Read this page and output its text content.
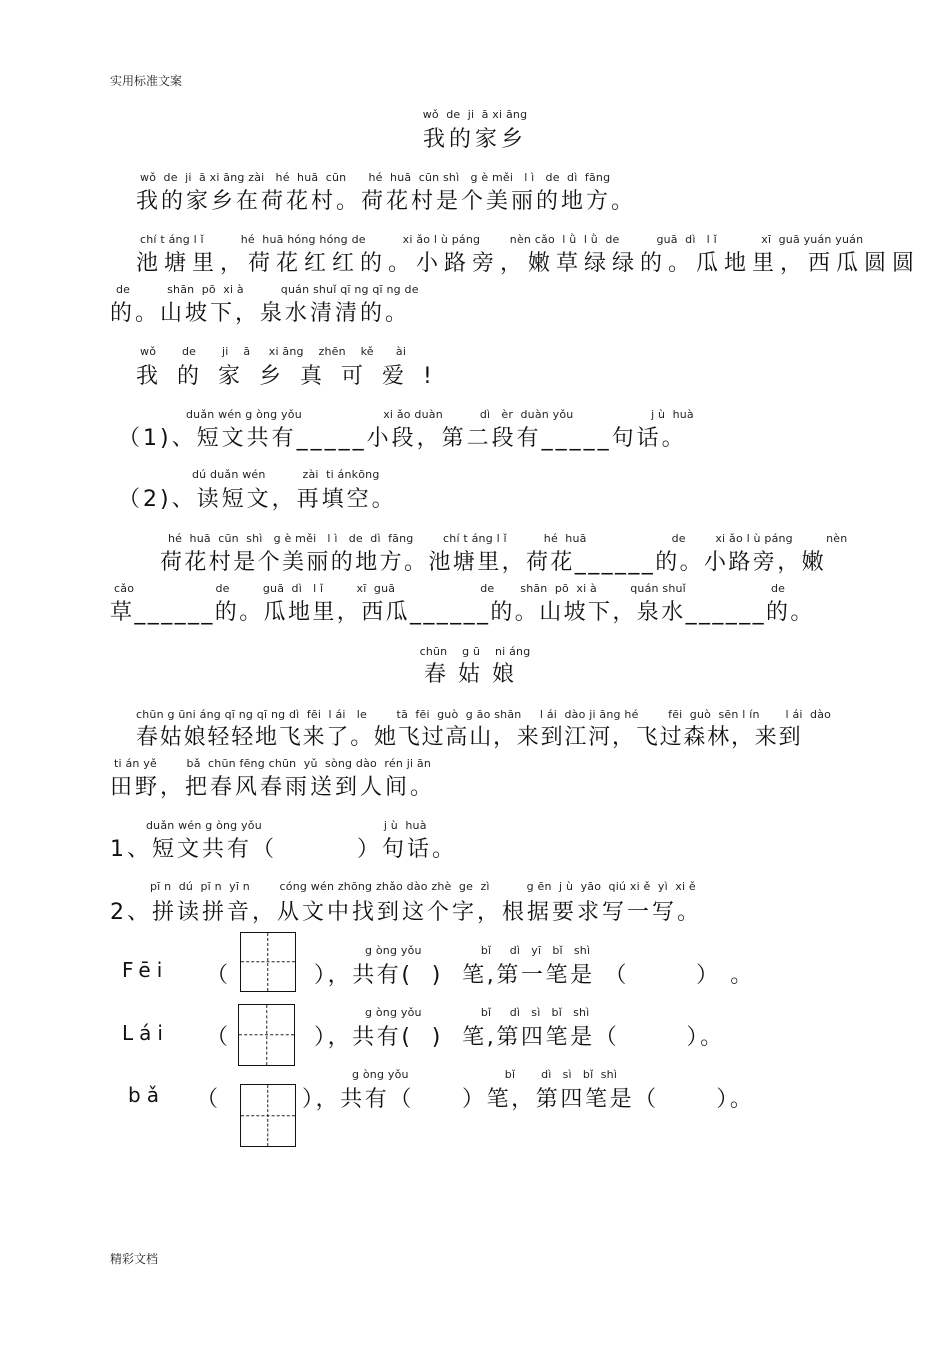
实用标准文案
wǒ  de  ji  ā xi āng
我的家乡
wǒ  de  ji  ā xi āng zài   hé  huā  cūn      hé  huā  cūn shì   g è měi   l ì   de  dì  fāng
我的家乡在荷花村。荷花村是个美丽的地方。
chí t áng l ǐ          hé  huā hóng hóng de          xi ǎo l ù páng        nèn cǎo  l ǜ  l ǜ  de          guā  dì   l ǐ            xī  guā yuán yuán
池塘里，荷花红红的。小路旁，嫩草绿绿的。瓜地里，西瓜圆圆
de          shān  pō  xi à          quán shuǐ qī ng qī ng de
的。山坡下，泉水清清的。
wǒ       de       ji    ā     xi āng    zhēn    kě      ài
我的家乡真可爱!
duǎn wén g òng yǒu                      xi ǎo duàn          dì   èr  duàn yǒu                     j ù  huà
（1)、短文共有_____小段，第二段有_____句话。
dú duǎn wén          zài  ti ánkōng
（2)、读短文，再填空。
hé  huā  cūn  shì   g è měi   l ì   de  dì  fāng        chí t áng l ǐ          hé  huā                       de        xi ǎo l ù páng         nèn
荷花村是个美丽的地方。池塘里，荷花______的。小路旁，嫩
cǎo                      de         guā  dì   l ǐ         xī  guā                       de       shān  pō  xi à         quán shuǐ                       de
草______的。瓜地里，西瓜______的。山坡下，泉水______的。
chūn    g ū    ni áng
春姑娘
chūn g ūni áng qī ng qī ng dì  fēi  l ái   le        tā  fēi  guò  g āo shān     l ái  dào ji āng hé        fēi  guò  sēn l ín       l ái  dào
春姑娘轻轻地飞来了。她飞过高山，来到江河，飞过森林，来到
ti án yě        bǎ  chūn fēng chūn  yǔ  sòng dào  rén ji ān
田野，把春风春雨送到人间。
duǎn wén g òng yǒu                                 j ù  huà
1、短文共有（        ）句话。
pī n  dú  pī n  yī n        cóng wén zhōng zhǎo dào zhè  ge  zì          g ēn  j ù  yāo  qiú xi ě  yì  xi ě
2、拼读拼音，从文中找到这个字，根据要求写一写。
Fēi （
g òng yǒu                bǐ     dì   yī   bǐ   shì
），共有(  )  笔,第一笔是 （       ） 。
Lái （
g òng yǒu                bǐ     dì   sì   bǐ   shì
），共有(  )  笔,第四笔是（       ）。
bǎ （
g òng yǒu                          bǐ       dì   sì   bǐ  shì
），共有（     ）笔，第四笔是（      ）。
精彩文档
